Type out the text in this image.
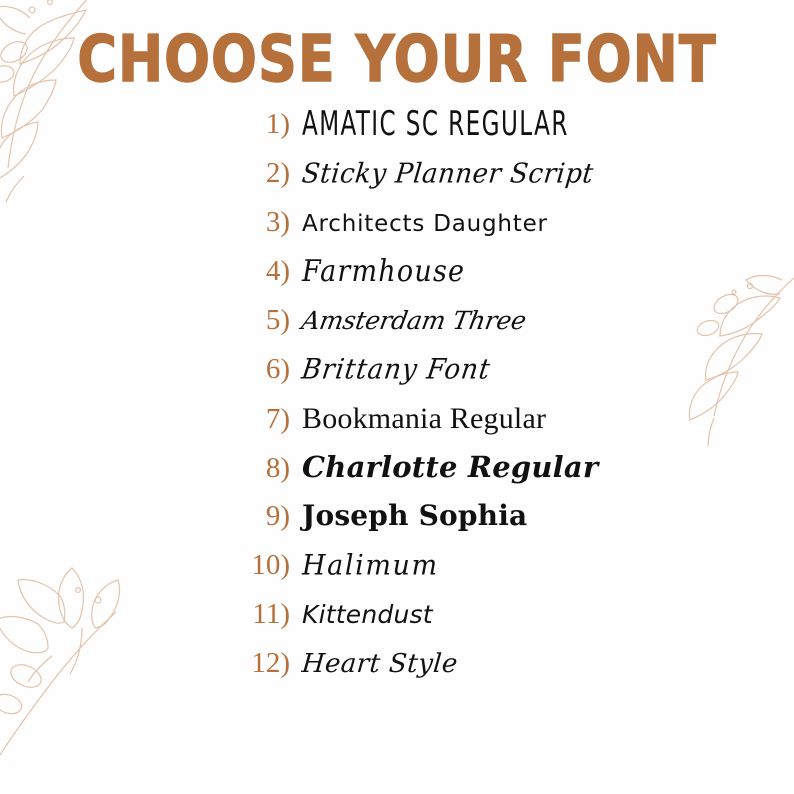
CHOOSE YOUR FONT
1) AMATIC SC REGULAR
2) Sticky Planner Script
3) Architects Daughter
4) Farmhouse
5) Amsterdam Three
6) Brittany Font
7) Bookmania Regular
8) Charlotte Regular
9) Joseph Sophia
10) Halimum
11) Kittendust
12) Heart Style
